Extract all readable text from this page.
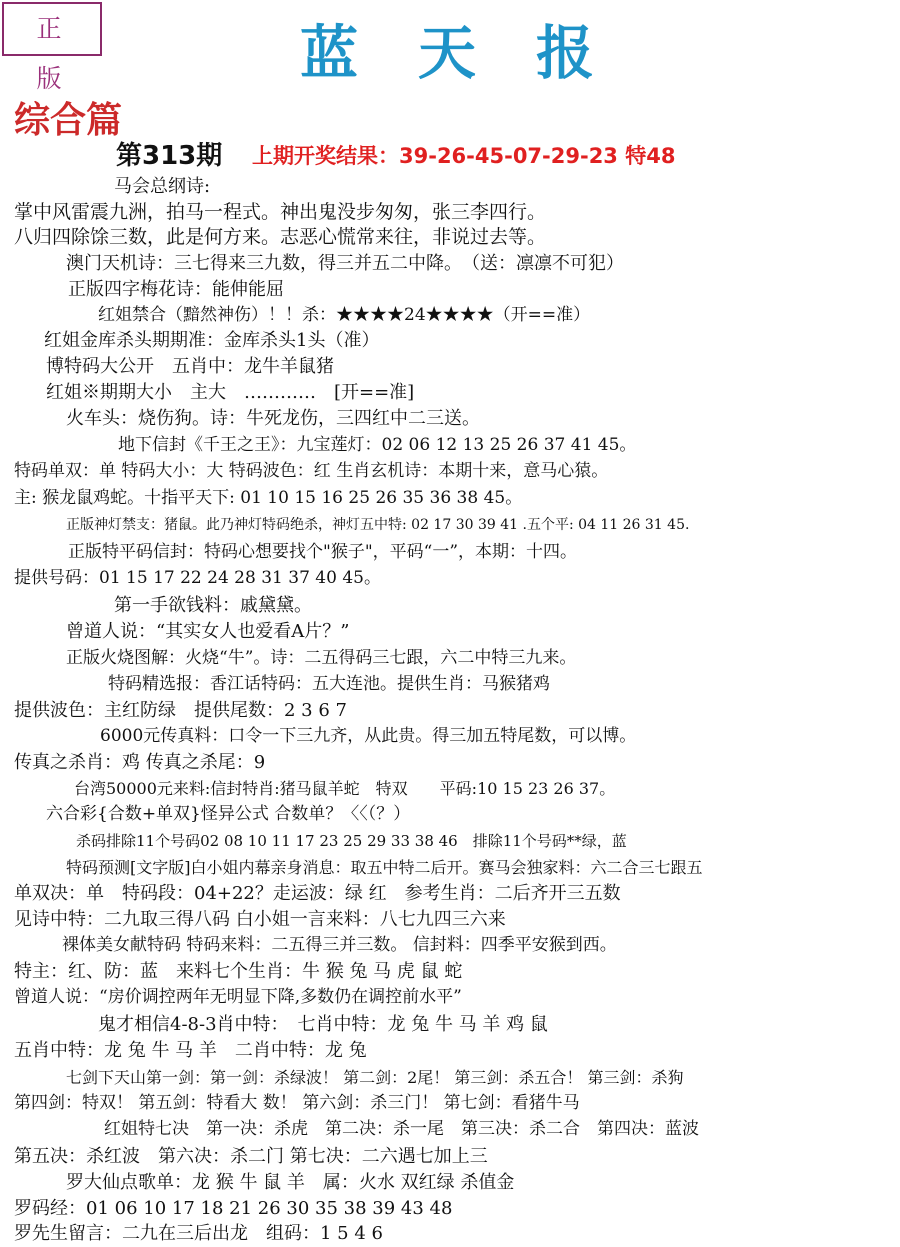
正 版	蓝天报
综合篇
第313期 上期开奖结果：39-26-45-07-29-23 特48
马会总纲诗:
掌中风雷震九洲，拍马一程式。神出鬼没步匆匆，张三李四行。
八归四除馀三数，此是何方来。志恶心慌常来往，非说过去等。
澳门天机诗：三七得来三九数，得三并五二中降。　（送：凛凛不可犯）
正版四字梅花诗：能伸能屈
红姐禁合（黯然神伤）！！杀：★★★★24★★★★（开==准）
红姐金库杀头期期准：金库杀头1头（准）
博特码大公开　五肖中：龙牛羊鼠猪
红姐※期期大小　主大　…………　[开==准]
火车头：烧伤狗。诗：牛死龙伤，三四红中二三送。
地下信封《千王之王》：九宝莲灯：02 06 12 13 25 26 37 41 45。
特码单双：单 特码大小：大 特码波色：红 生肖玄机诗：本期十来，意马心猿。
主: 猴龙鼠鸡蛇。十指平天下: 01 10 15 16 25 26 35 36 38 45。
正版神灯禁支：猪鼠。此乃神灯特码绝杀，神灯五中特: 02 17 30 39 41 .五个平: 04 11 26 31 45.
正版特平码信封：特码心想要找个"猴子"，平码“一”，本期：十四。
提供号码：01 15 17 22 24 28 31 37 40 45。
第一手欲钱料：戚黛黛。
曾道人说：“其实女人也爱看A片？”
正版火烧图解：火烧“牛”。诗：二五得码三七跟，六二中特三九来。
特码精选报：香江话特码：五大连池。提供生肖：马猴猪鸡
提供波色：主红防绿　提供尾数：2 3 6 7
6000元传真料：口令一下三九齐，从此贵。得三加五特尾数，可以博。
传真之杀肖：鸡 传真之杀尾：9
台湾50000元来料:信封特肖:猪马鼠羊蛇　特双　　平码:10 15 23 26 37。
六合彩{合数+单双}怪异公式 合数单？〈〈（？）
杀码排除11个号码02 08 10 11 17 23 25 29 33 38 46　排除11个号码**绿，蓝
特码预测[文字版]白小姐内幕亲身消息：取五中特二后开。赛马会独家料：六二合三七跟五
单双决：单　特码段：04+22？走运波：绿 红　参考生肖：二后齐开三五数
见诗中特：二九取三得八码 白小姐一言来料：八七九四三六来
裸体美女献特码 特码来料：二五得三并三数。 信封料：四季平安猴到西。
特主：红、防：蓝　来料七个生肖：牛 猴 兔 马 虎 鼠 蛇
曾道人说：“房价调控两年无明显下降,多数仍在调控前水平”
鬼才相信4-8-3肖中特：　七肖中特：龙 兔 牛 马 羊 鸡 鼠
五肖中特：龙 兔 牛 马 羊　二肖中特：龙 兔
七剑下天山第一剑：第一剑：杀绿波！ 第二剑：2尾！ 第三剑：杀五合！ 第三剑：杀狗
第四剑：特双！ 第五剑：特看大 数！ 第六剑：杀三门！ 第七剑：看猪牛马
红姐特七决　第一决：杀虎　第二决：杀一尾　第三决：杀二合　第四决：蓝波
第五决：杀红波　第六决：杀二门 第七决：二六遇七加上三
罗大仙点歌单：龙 猴 牛 鼠 羊　属：火水 双红绿 杀值金
罗码经：01 06 10 17 18 21 26 30 35 38 39 43 48
罗先生留言：二九在三后出龙　组码：1 5 4 6
